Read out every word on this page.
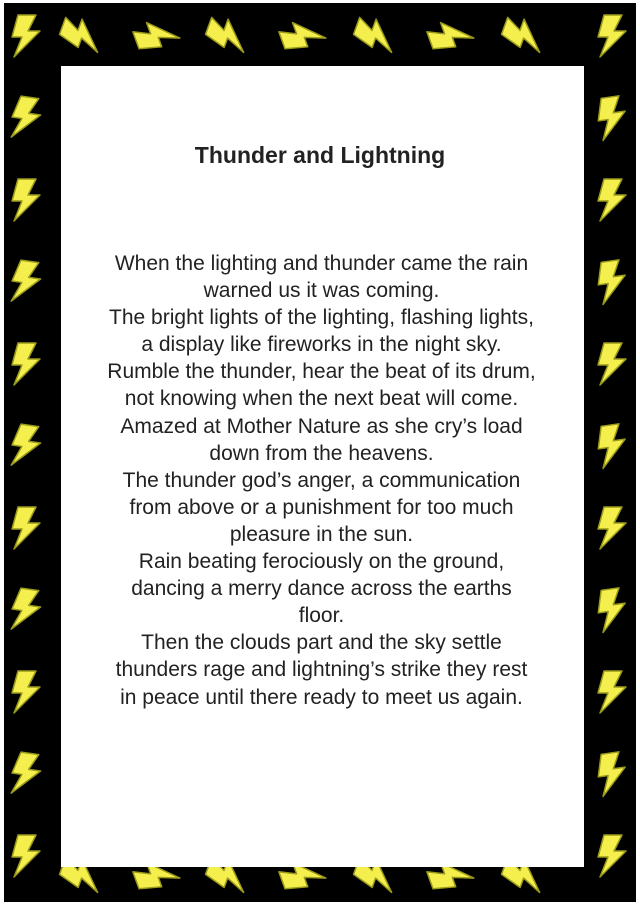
Thunder and Lightning
When the lighting and thunder came the rain
warned us it was coming.
The bright lights of the lighting, flashing lights,
a display like fireworks in the night sky.
Rumble the thunder, hear the beat of its drum,
not knowing when the next beat will come.
Amazed at Mother Nature as she cry’s load
down from the heavens.
The thunder god’s anger, a communication
from above or a punishment for too much
pleasure in the sun.
Rain beating ferociously on the ground,
dancing a merry dance across the earths
floor.
Then the clouds part and the sky settle
thunders rage and lightning’s strike they rest
in peace until there ready to meet us again.
